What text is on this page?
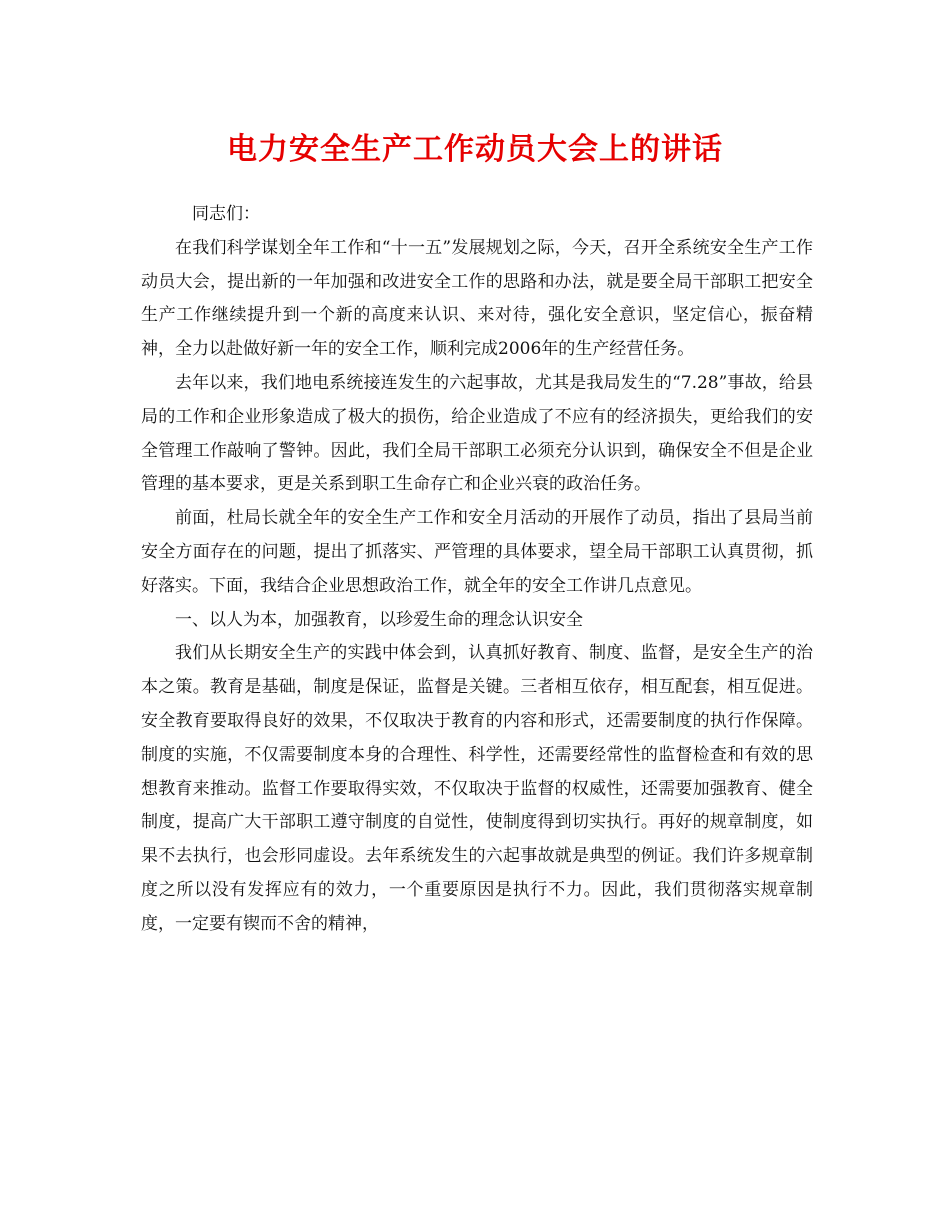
电力安全生产工作动员大会上的讲话

同志们：

在我们科学谋划全年工作和“十一五”发展规划之际，今天，召开全系统安全生产工作动员大会，提出新的一年加强和改进安全工作的思路和办法，就是要全局干部职工把安全生产工作继续提升到一个新的高度来认识、来对待，强化安全意识，坚定信心，振奋精神，全力以赴做好新一年的安全工作，顺利完成2006年的生产经营任务。

去年以来，我们地电系统接连发生的六起事故，尤其是我局发生的“7.28”事故，给县局的工作和企业形象造成了极大的损伤，给企业造成了不应有的经济损失，更给我们的安全管理工作敲响了警钟。因此，我们全局干部职工必须充分认识到，确保安全不但是企业管理的基本要求，更是关系到职工生命存亡和企业兴衰的政治任务。

前面，杜局长就全年的安全生产工作和安全月活动的开展作了动员，指出了县局当前安全方面存在的问题，提出了抓落实、严管理的具体要求，望全局干部职工认真贯彻，抓好落实。下面，我结合企业思想政治工作，就全年的安全工作讲几点意见。

一、以人为本，加强教育，以珍爱生命的理念认识安全

我们从长期安全生产的实践中体会到，认真抓好教育、制度、监督，是安全生产的治本之策。教育是基础，制度是保证，监督是关键。三者相互依存，相互配套，相互促进。安全教育要取得良好的效果，不仅取决于教育的内容和形式，还需要制度的执行作保障。制度的实施，不仅需要制度本身的合理性、科学性，还需要经常性的监督检查和有效的思想教育来推动。监督工作要取得实效，不仅取决于监督的权威性，还需要加强教育、健全制度，提高广大干部职工遵守制度的自觉性，使制度得到切实执行。再好的规章制度，如果不去执行，也会形同虚设。去年系统发生的六起事故就是典型的例证。我们许多规章制度之所以没有发挥应有的效力，一个重要原因是执行不力。因此，我们贯彻落实规章制度，一定要有锲而不舍的精神，
